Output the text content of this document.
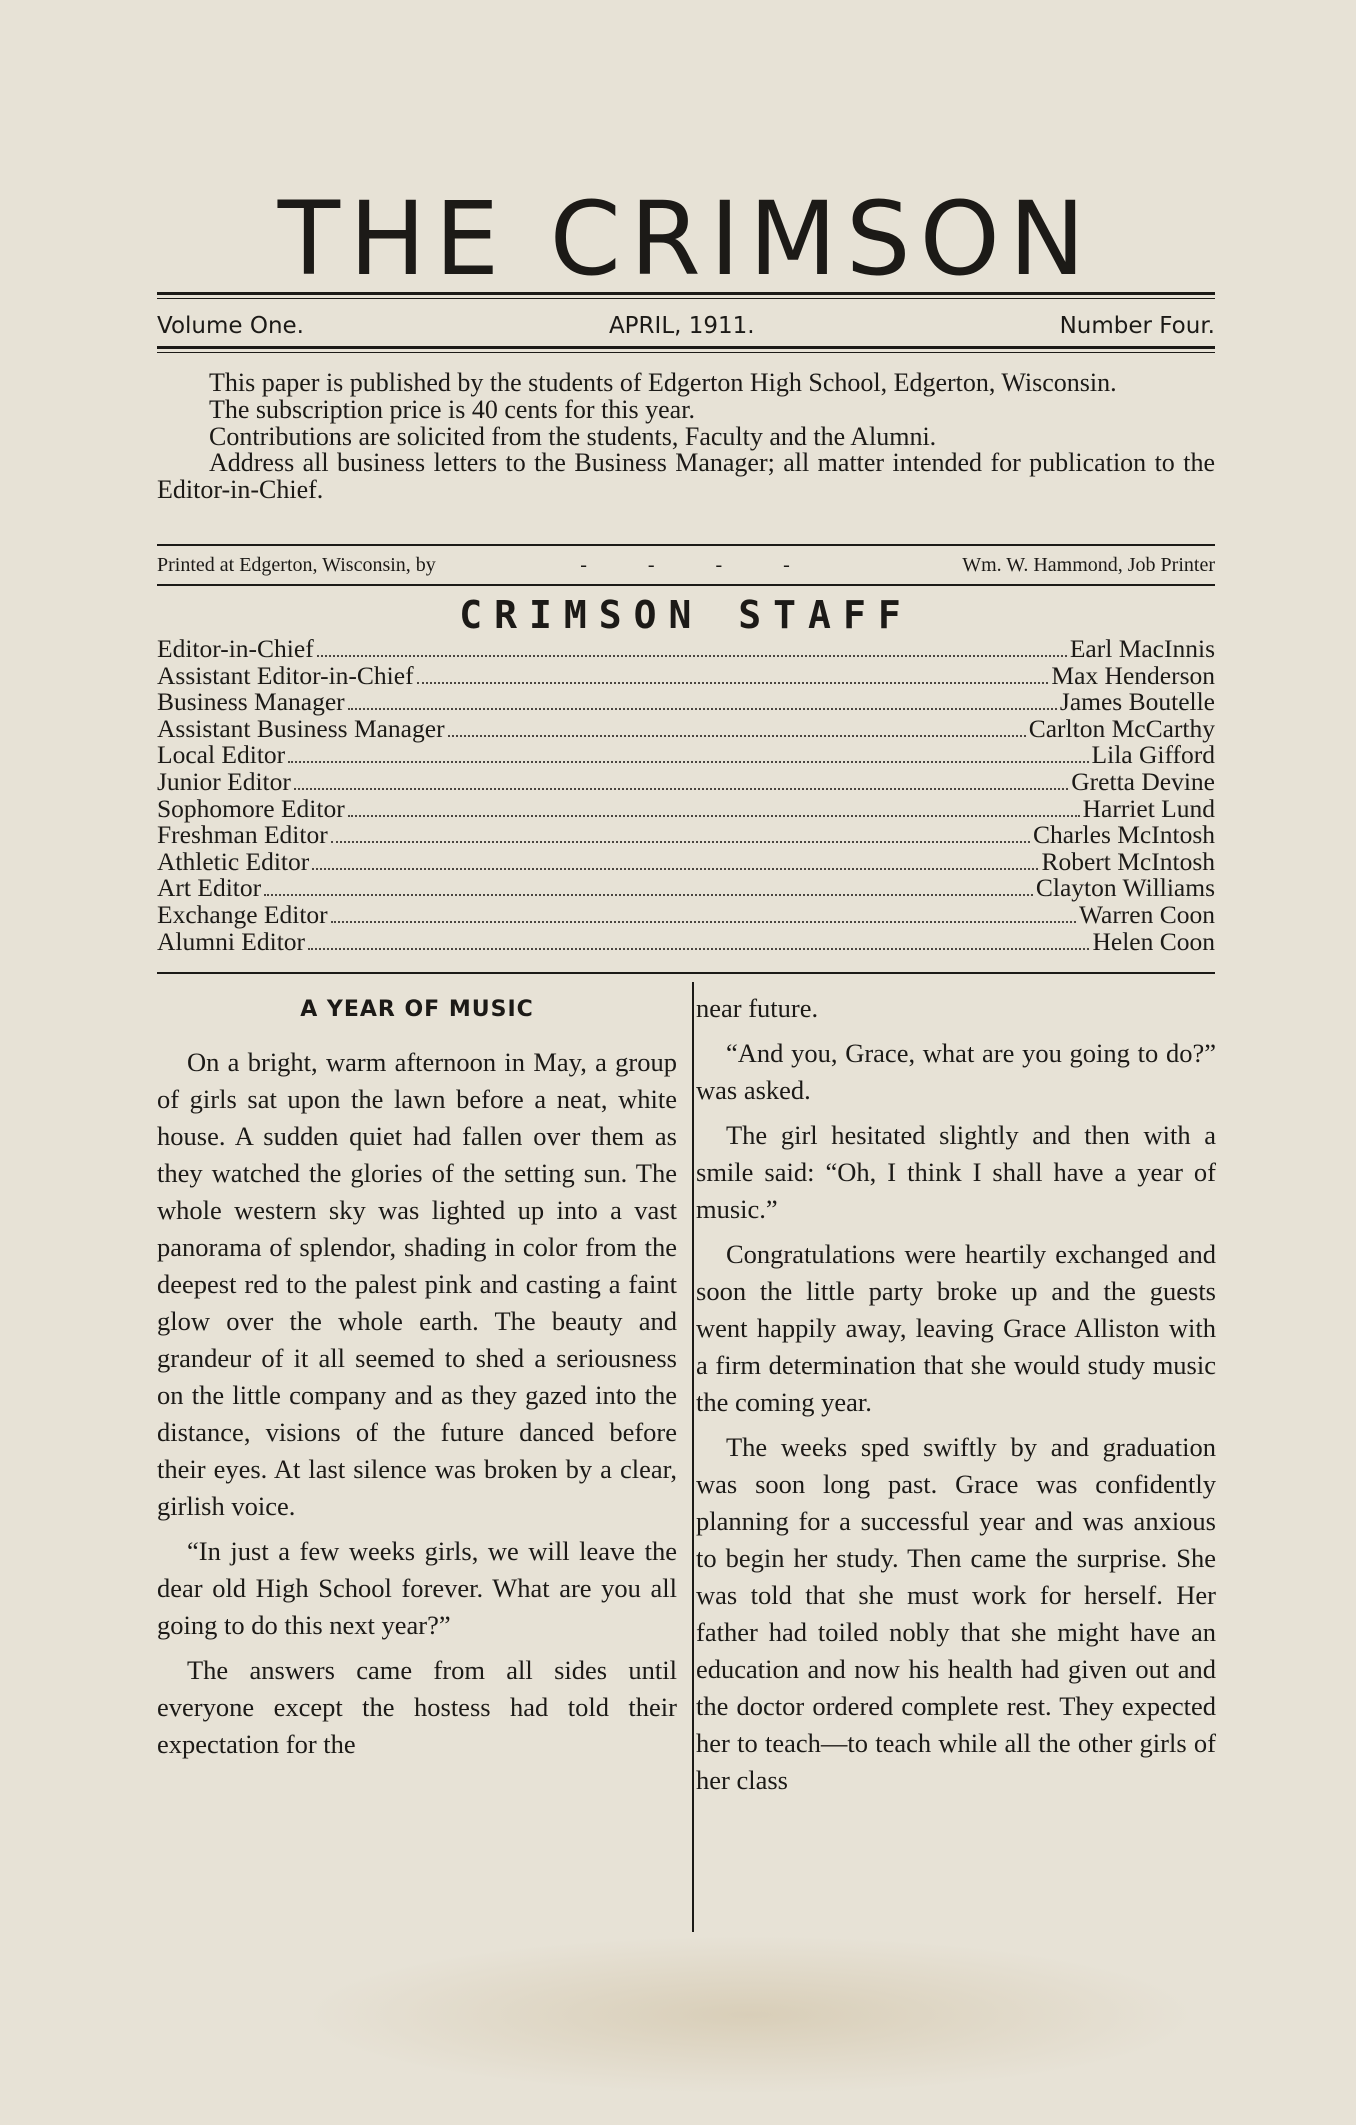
THE CRIMSON
Volume One.	APRIL, 1911.	Number Four.

This paper is published by the students of Edgerton High School, Edgerton, Wisconsin.

The subscription price is 40 cents for this year.

Contributions are solicited from the students, Faculty and the Alumni.

Address all business letters to the Business Manager; all matter intended for publication to the Editor-in-Chief.

Printed at Edgerton, Wisconsin, by	- - - -	Wm. W. Hammond, Job Printer
CRIMSON STAFF
Editor-in-Chief	Earl MacInnis
Assistant Editor-in-Chief	Max Henderson
Business Manager	James Boutelle
Assistant Business Manager	Carlton McCarthy
Local Editor	Lila Gifford
Junior Editor	Gretta Devine
Sophomore Editor	Harriet Lund
Freshman Editor	Charles McIntosh
Athletic Editor	Robert McIntosh
Art Editor	Clayton Williams
Exchange Editor	Warren Coon
Alumni Editor	Helen Coon
A YEAR OF MUSIC

On a bright, warm afternoon in May, a group of girls sat upon the lawn before a neat, white house. A sudden quiet had fallen over them as they watched the glories of the setting sun. The whole western sky was lighted up into a vast panorama of splendor, shading in color from the deepest red to the palest pink and casting a faint glow over the whole earth. The beauty and grandeur of it all seemed to shed a seriousness on the little company and as they gazed into the distance, visions of the future danced before their eyes. At last silence was broken by a clear, girlish voice.

“In just a few weeks girls, we will leave the dear old High School forever. What are you all going to do this next year?”

The answers came from all sides until everyone except the hostess had told their expectation for the

near future.

“And you, Grace, what are you going to do?” was asked.

The girl hesitated slightly and then with a smile said: “Oh, I think I shall have a year of music.”

Congratulations were heartily exchanged and soon the little party broke up and the guests went happily away, leaving Grace Alliston with a firm determination that she would study music the coming year.

The weeks sped swiftly by and graduation was soon long past. Grace was confidently planning for a successful year and was anxious to begin her study. Then came the surprise. She was told that she must work for herself. Her father had toiled nobly that she might have an education and now his health had given out and the doctor ordered complete rest. They expected her to teach—to teach while all the other girls of her class
